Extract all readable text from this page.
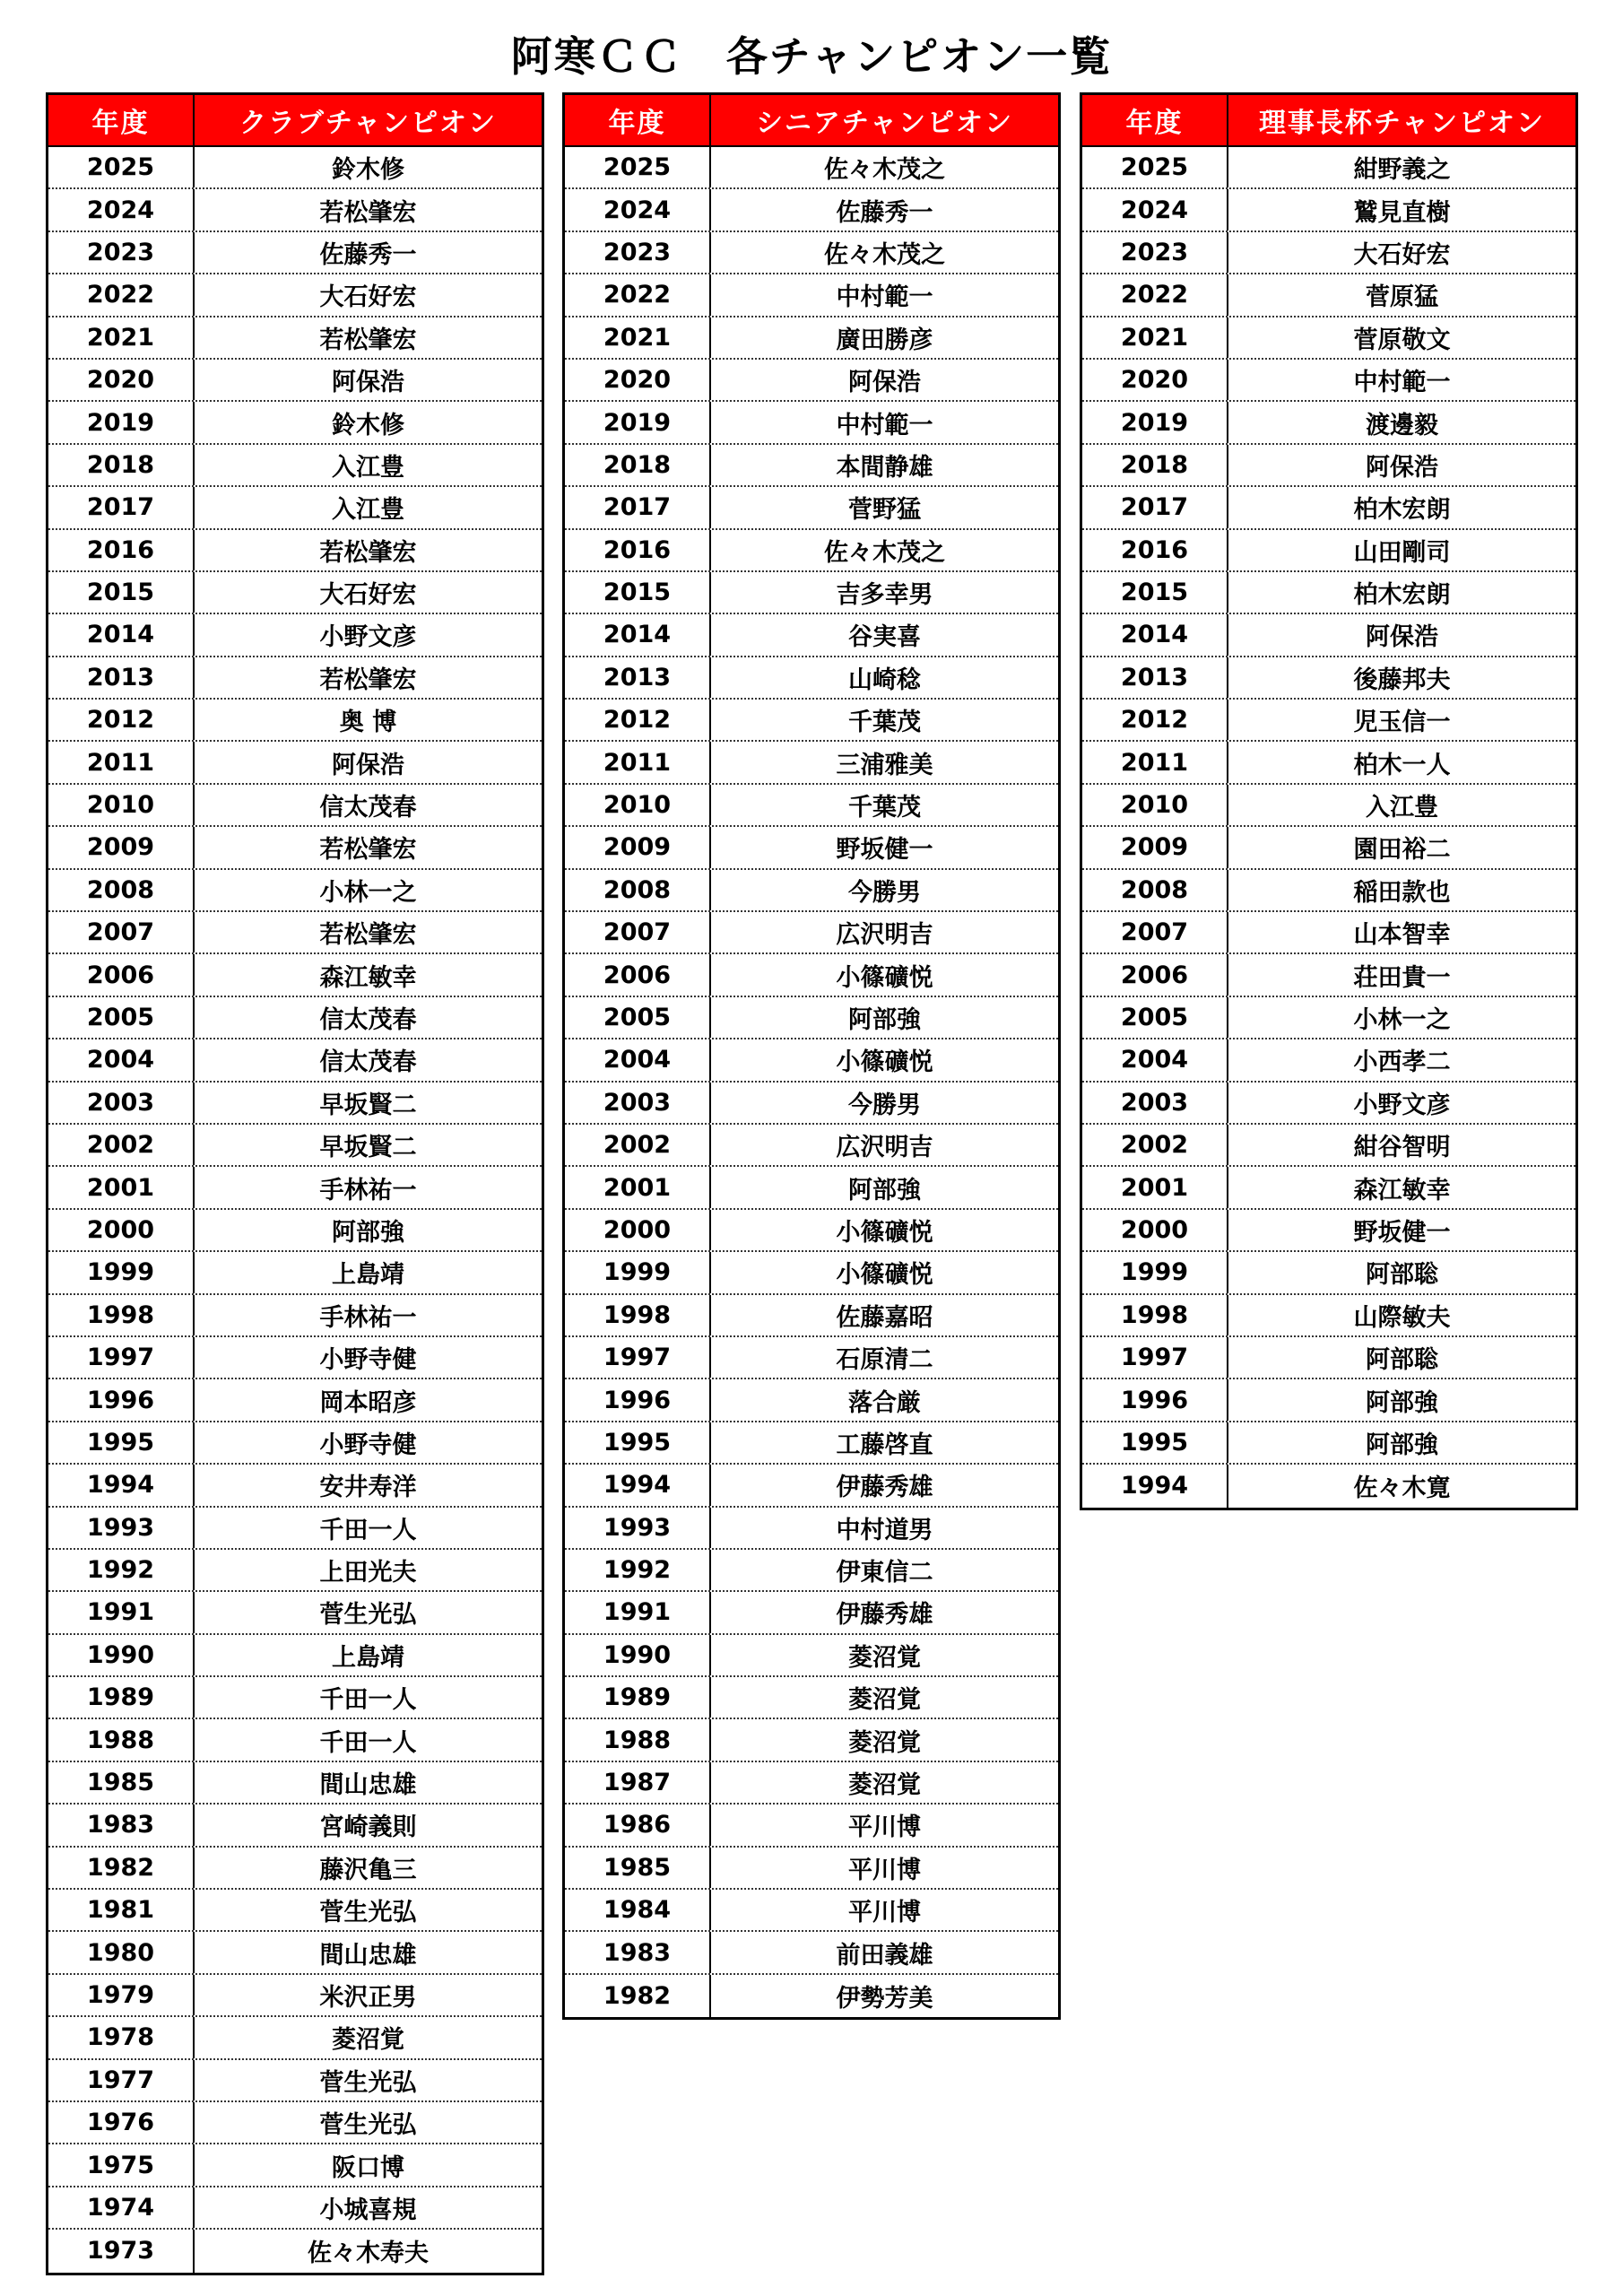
阿寒ＣＣ　各チャンピオン一覧
年度	クラブチャンピオン
2025	鈴木修
2024	若松肇宏
2023	佐藤秀一
2022	大石好宏
2021	若松肇宏
2020	阿保浩
2019	鈴木修
2018	入江豊
2017	入江豊
2016	若松肇宏
2015	大石好宏
2014	小野文彦
2013	若松肇宏
2012	奥 博
2011	阿保浩
2010	信太茂春
2009	若松肇宏
2008	小林一之
2007	若松肇宏
2006	森江敏幸
2005	信太茂春
2004	信太茂春
2003	早坂賢二
2002	早坂賢二
2001	手林祐一
2000	阿部強
1999	上島靖
1998	手林祐一
1997	小野寺健
1996	岡本昭彦
1995	小野寺健
1994	安井寿洋
1993	千田一人
1992	上田光夫
1991	菅生光弘
1990	上島靖
1989	千田一人
1988	千田一人
1985	間山忠雄
1983	宮崎義則
1982	藤沢亀三
1981	菅生光弘
1980	間山忠雄
1979	米沢正男
1978	菱沼覚
1977	菅生光弘
1976	菅生光弘
1975	阪口博
1974	小城喜規
1973	佐々木寿夫
年度	シニアチャンピオン
2025	佐々木茂之
2024	佐藤秀一
2023	佐々木茂之
2022	中村範一
2021	廣田勝彦
2020	阿保浩
2019	中村範一
2018	本間静雄
2017	菅野猛
2016	佐々木茂之
2015	吉多幸男
2014	谷実喜
2013	山崎稔
2012	千葉茂
2011	三浦雅美
2010	千葉茂
2009	野坂健一
2008	今勝男
2007	広沢明吉
2006	小篠礦悦
2005	阿部強
2004	小篠礦悦
2003	今勝男
2002	広沢明吉
2001	阿部強
2000	小篠礦悦
1999	小篠礦悦
1998	佐藤嘉昭
1997	石原清二
1996	落合厳
1995	工藤啓直
1994	伊藤秀雄
1993	中村道男
1992	伊東信二
1991	伊藤秀雄
1990	菱沼覚
1989	菱沼覚
1988	菱沼覚
1987	菱沼覚
1986	平川博
1985	平川博
1984	平川博
1983	前田義雄
1982	伊勢芳美
年度	理事長杯チャンピオン
2025	紺野義之
2024	鷲見直樹
2023	大石好宏
2022	菅原猛
2021	菅原敬文
2020	中村範一
2019	渡邊毅
2018	阿保浩
2017	柏木宏朗
2016	山田剛司
2015	柏木宏朗
2014	阿保浩
2013	後藤邦夫
2012	児玉信一
2011	柏木一人
2010	入江豊
2009	園田裕二
2008	稲田款也
2007	山本智幸
2006	荘田貴一
2005	小林一之
2004	小西孝二
2003	小野文彦
2002	紺谷智明
2001	森江敏幸
2000	野坂健一
1999	阿部聡
1998	山際敏夫
1997	阿部聡
1996	阿部強
1995	阿部強
1994	佐々木寛
